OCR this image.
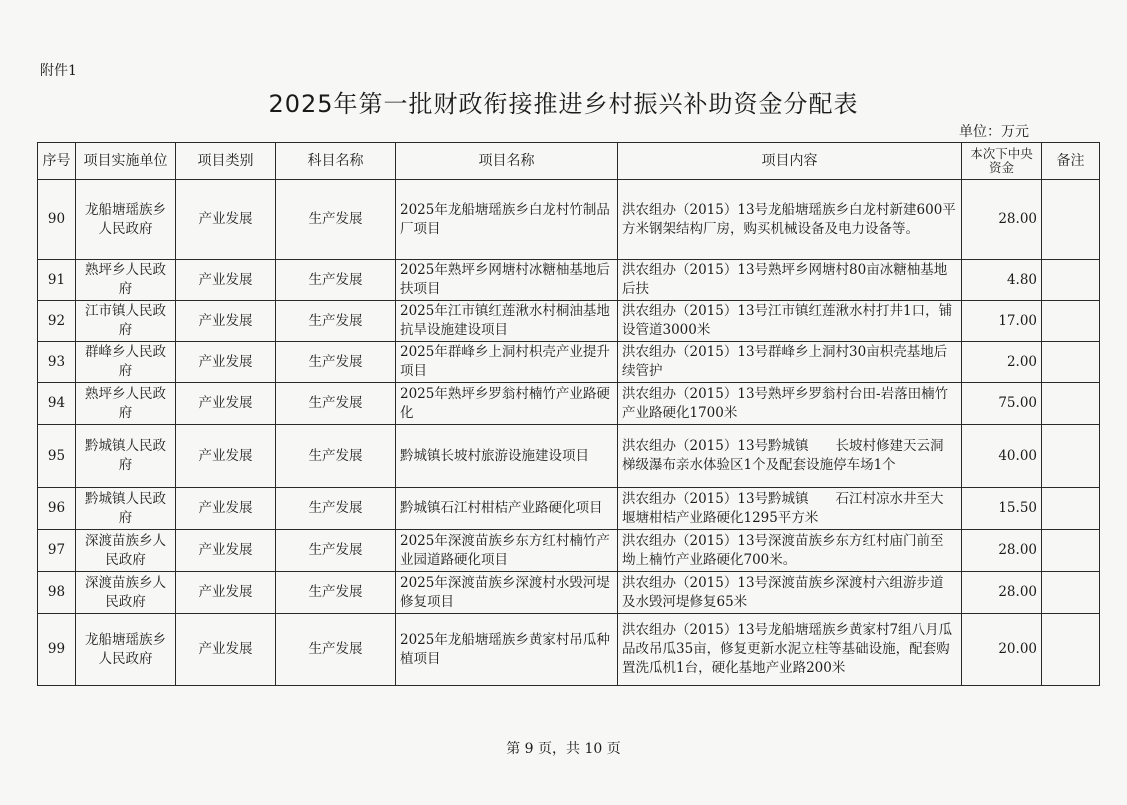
附件1
2025年第一批财政衔接推进乡村振兴补助资金分配表
单位：万元
序号	项目实施单位	项目类别	科目名称	项目名称	项目内容	本次下中央资金	备注
90	龙船塘瑶族乡人民政府	产业发展	生产发展	2025年龙船塘瑶族乡白龙村竹制品厂项目	洪农组办（2015）13号龙船塘瑶族乡白龙村新建600平方米钢架结构厂房，购买机械设备及电力设备等。	28.00	
91	熟坪乡人民政府	产业发展	生产发展	2025年熟坪乡网塘村冰糖柚基地后扶项目	洪农组办（2015）13号熟坪乡网塘村80亩冰糖柚基地后扶	4.80	
92	江市镇人民政府	产业发展	生产发展	2025年江市镇红莲湫水村桐油基地抗旱设施建设项目	洪农组办（2015）13号江市镇红莲湫水村打井1口，铺设管道3000米	17.00	
93	群峰乡人民政府	产业发展	生产发展	2025年群峰乡上洞村枳壳产业提升项目	洪农组办（2015）13号群峰乡上洞村30亩枳壳基地后续管护	2.00	
94	熟坪乡人民政府	产业发展	生产发展	2025年熟坪乡罗翁村楠竹产业路硬化	洪农组办（2015）13号熟坪乡罗翁村台田-岩落田楠竹产业路硬化1700米	75.00	
95	黔城镇人民政府	产业发展	生产发展	黔城镇长坡村旅游设施建设项目	洪农组办（2015）13号黔城镇　　长坡村修建天云洞梯级瀑布亲水体验区1个及配套设施停车场1个	40.00	
96	黔城镇人民政府	产业发展	生产发展	黔城镇石江村柑桔产业路硬化项目	洪农组办（2015）13号黔城镇　　石江村凉水井至大堰塘柑桔产业路硬化1295平方米	15.50	
97	深渡苗族乡人民政府	产业发展	生产发展	2025年深渡苗族乡东方红村楠竹产业园道路硬化项目	洪农组办（2015）13号深渡苗族乡东方红村庙门前至坳上楠竹产业路硬化700米。	28.00	
98	深渡苗族乡人民政府	产业发展	生产发展	2025年深渡苗族乡深渡村水毁河堤修复项目	洪农组办（2015）13号深渡苗族乡深渡村六组游步道及水毁河堤修复65米	28.00	
99	龙船塘瑶族乡人民政府	产业发展	生产发展	2025年龙船塘瑶族乡黄家村吊瓜种植项目	洪农组办（2015）13号龙船塘瑶族乡黄家村7组八月瓜品改吊瓜35亩，修复更新水泥立柱等基础设施，配套购置洗瓜机1台，硬化基地产业路200米	20.00	
第 9 页，共 10 页
